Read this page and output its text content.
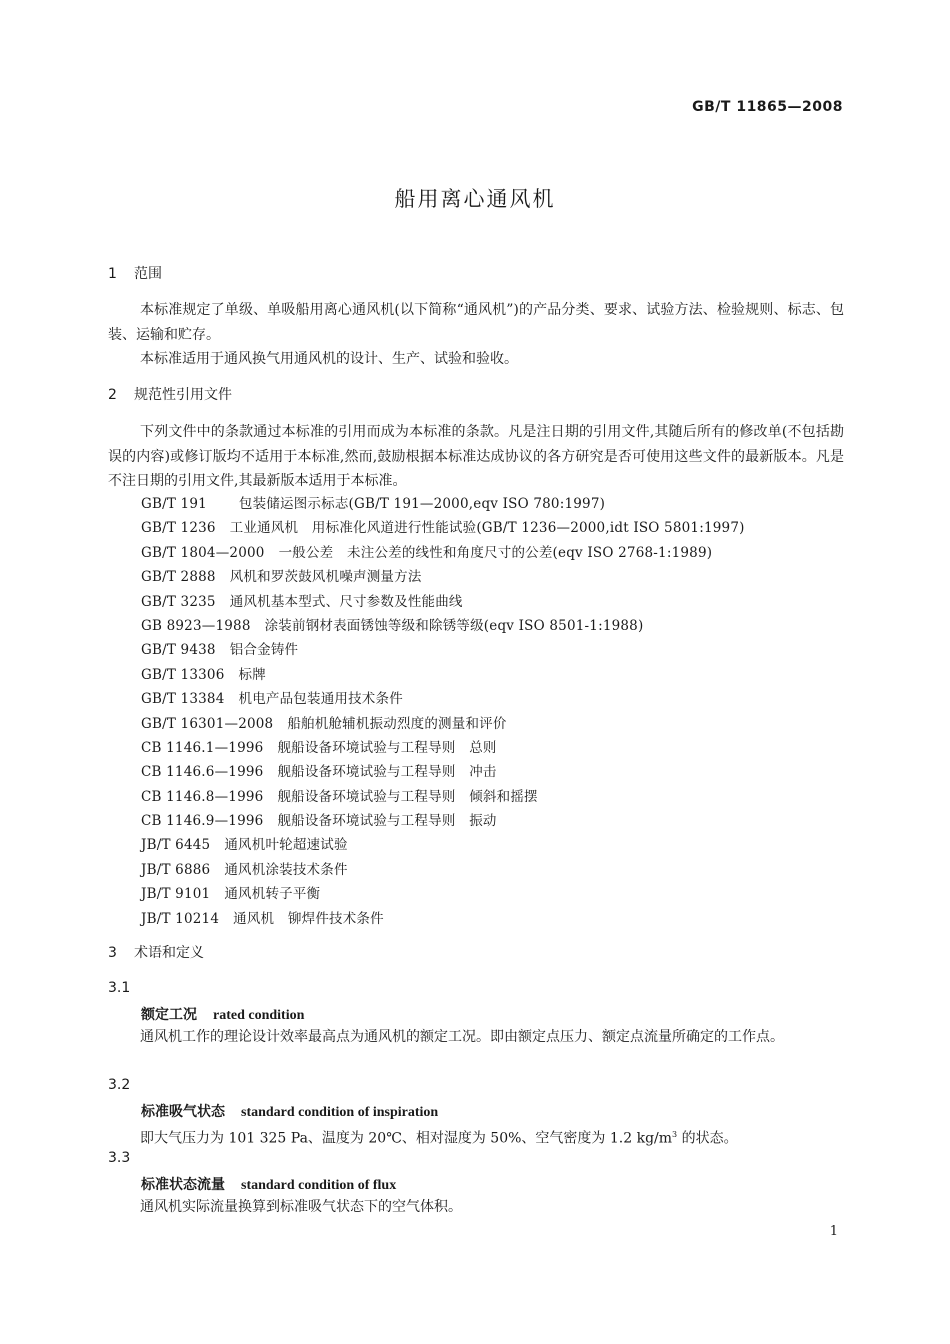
GB/T 11865—2008
船用离心通风机
1 范围

本标准规定了单级、单吸船用离心通风机(以下简称“通风机”)的产品分类、要求、试验方法、检验规则、标志、包装、运输和贮存。

本标准适用于通风换气用通风机的设计、生产、试验和验收。

2 规范性引用文件

下列文件中的条款通过本标准的引用而成为本标准的条款。凡是注日期的引用文件,其随后所有的修改单(不包括勘误的内容)或修订版均不适用于本标准,然而,鼓励根据本标准达成协议的各方研究是否可使用这些文件的最新版本。凡是不注日期的引用文件,其最新版本适用于本标准。

GB/T 191 包装储运图示标志(GB/T 191—2000,eqv ISO 780:1997)
GB/T 1236 工业通风机　用标准化风道进行性能试验(GB/T 1236—2000,idt ISO 5801:1997)
GB/T 1804—2000 一般公差　未注公差的线性和角度尺寸的公差(eqv ISO 2768-1:1989)
GB/T 2888 风机和罗茨鼓风机噪声测量方法
GB/T 3235 通风机基本型式、尺寸参数及性能曲线
GB 8923—1988 涂装前钢材表面锈蚀等级和除锈等级(eqv ISO 8501-1:1988)
GB/T 9438 铝合金铸件
GB/T 13306 标牌
GB/T 13384 机电产品包装通用技术条件
GB/T 16301—2008 船舶机舱辅机振动烈度的测量和评价
CB 1146.1—1996 舰船设备环境试验与工程导则　总则
CB 1146.6—1996 舰船设备环境试验与工程导则　冲击
CB 1146.8—1996 舰船设备环境试验与工程导则　倾斜和摇摆
CB 1146.9—1996 舰船设备环境试验与工程导则　振动
JB/T 6445 通风机叶轮超速试验
JB/T 6886 通风机涂装技术条件
JB/T 9101 通风机转子平衡
JB/T 10214 通风机　铆焊件技术条件
3 术语和定义
3.1
额定工况 rated condition

通风机工作的理论设计效率最高点为通风机的额定工况。即由额定点压力、额定点流量所确定的工作点。

3.2
标准吸气状态 standard condition of inspiration

即大气压力为 101 325 Pa、温度为 20℃、相对湿度为 50%、空气密度为 1.2 $kg/m^3$ 的状态。

3.3
标准状态流量 standard condition of flux

通风机实际流量换算到标准吸气状态下的空气体积。

1
